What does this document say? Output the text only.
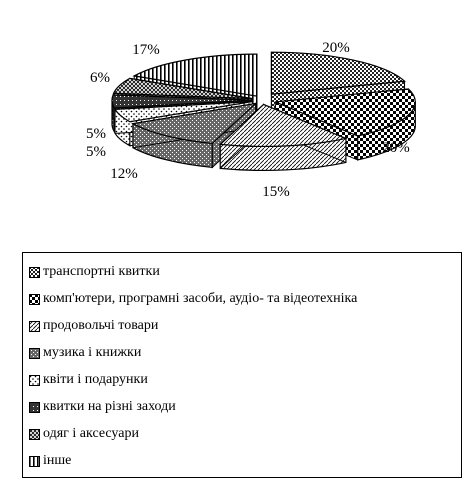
20%
20%
15%
12%
5%
5%
6%
17%
транспортні квитки
комп'ютери, програмні засоби, аудіо- та відеотехніка
продовольчі товари
музика і книжки
квіти і подарунки
квитки на різні заходи
одяг і аксесуари
інше
